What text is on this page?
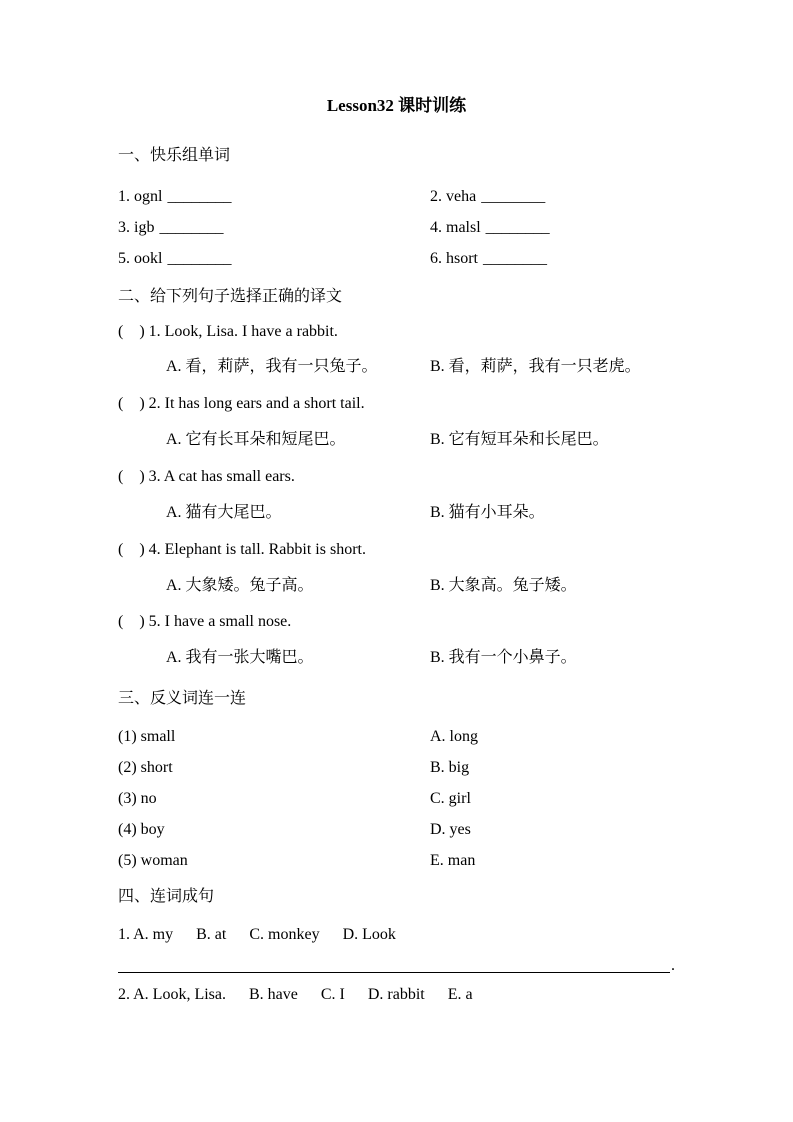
Lesson32 课时训练
一、快乐组单词
1. ognl ________	2. veha ________
3. igb ________	4. malsl ________
5. ookl ________	6. hsort ________
二、给下列句子选择正确的译文
(　) 1. Look, Lisa. I have a rabbit.
A. 看，莉萨，我有一只兔子。	B. 看，莉萨，我有一只老虎。
(　) 2. It has long ears and a short tail.
A. 它有长耳朵和短尾巴。	B. 它有短耳朵和长尾巴。
(　) 3. A cat has small ears.
A. 猫有大尾巴。	B. 猫有小耳朵。
(　) 4. Elephant is tall. Rabbit is short.
A. 大象矮。兔子高。	B. 大象高。兔子矮。
(　) 5. I have a small nose.
A. 我有一张大嘴巴。	B. 我有一个小鼻子。
三、反义词连一连
(1) small	A. long
(2) short	B. big
(3) no	C. girl
(4) boy	D. yes
(5) woman	E. man
四、连词成句
1. A. my B. at C. monkey D. Look
.
2. A. Look, Lisa. B. have C. I D. rabbit E. a
